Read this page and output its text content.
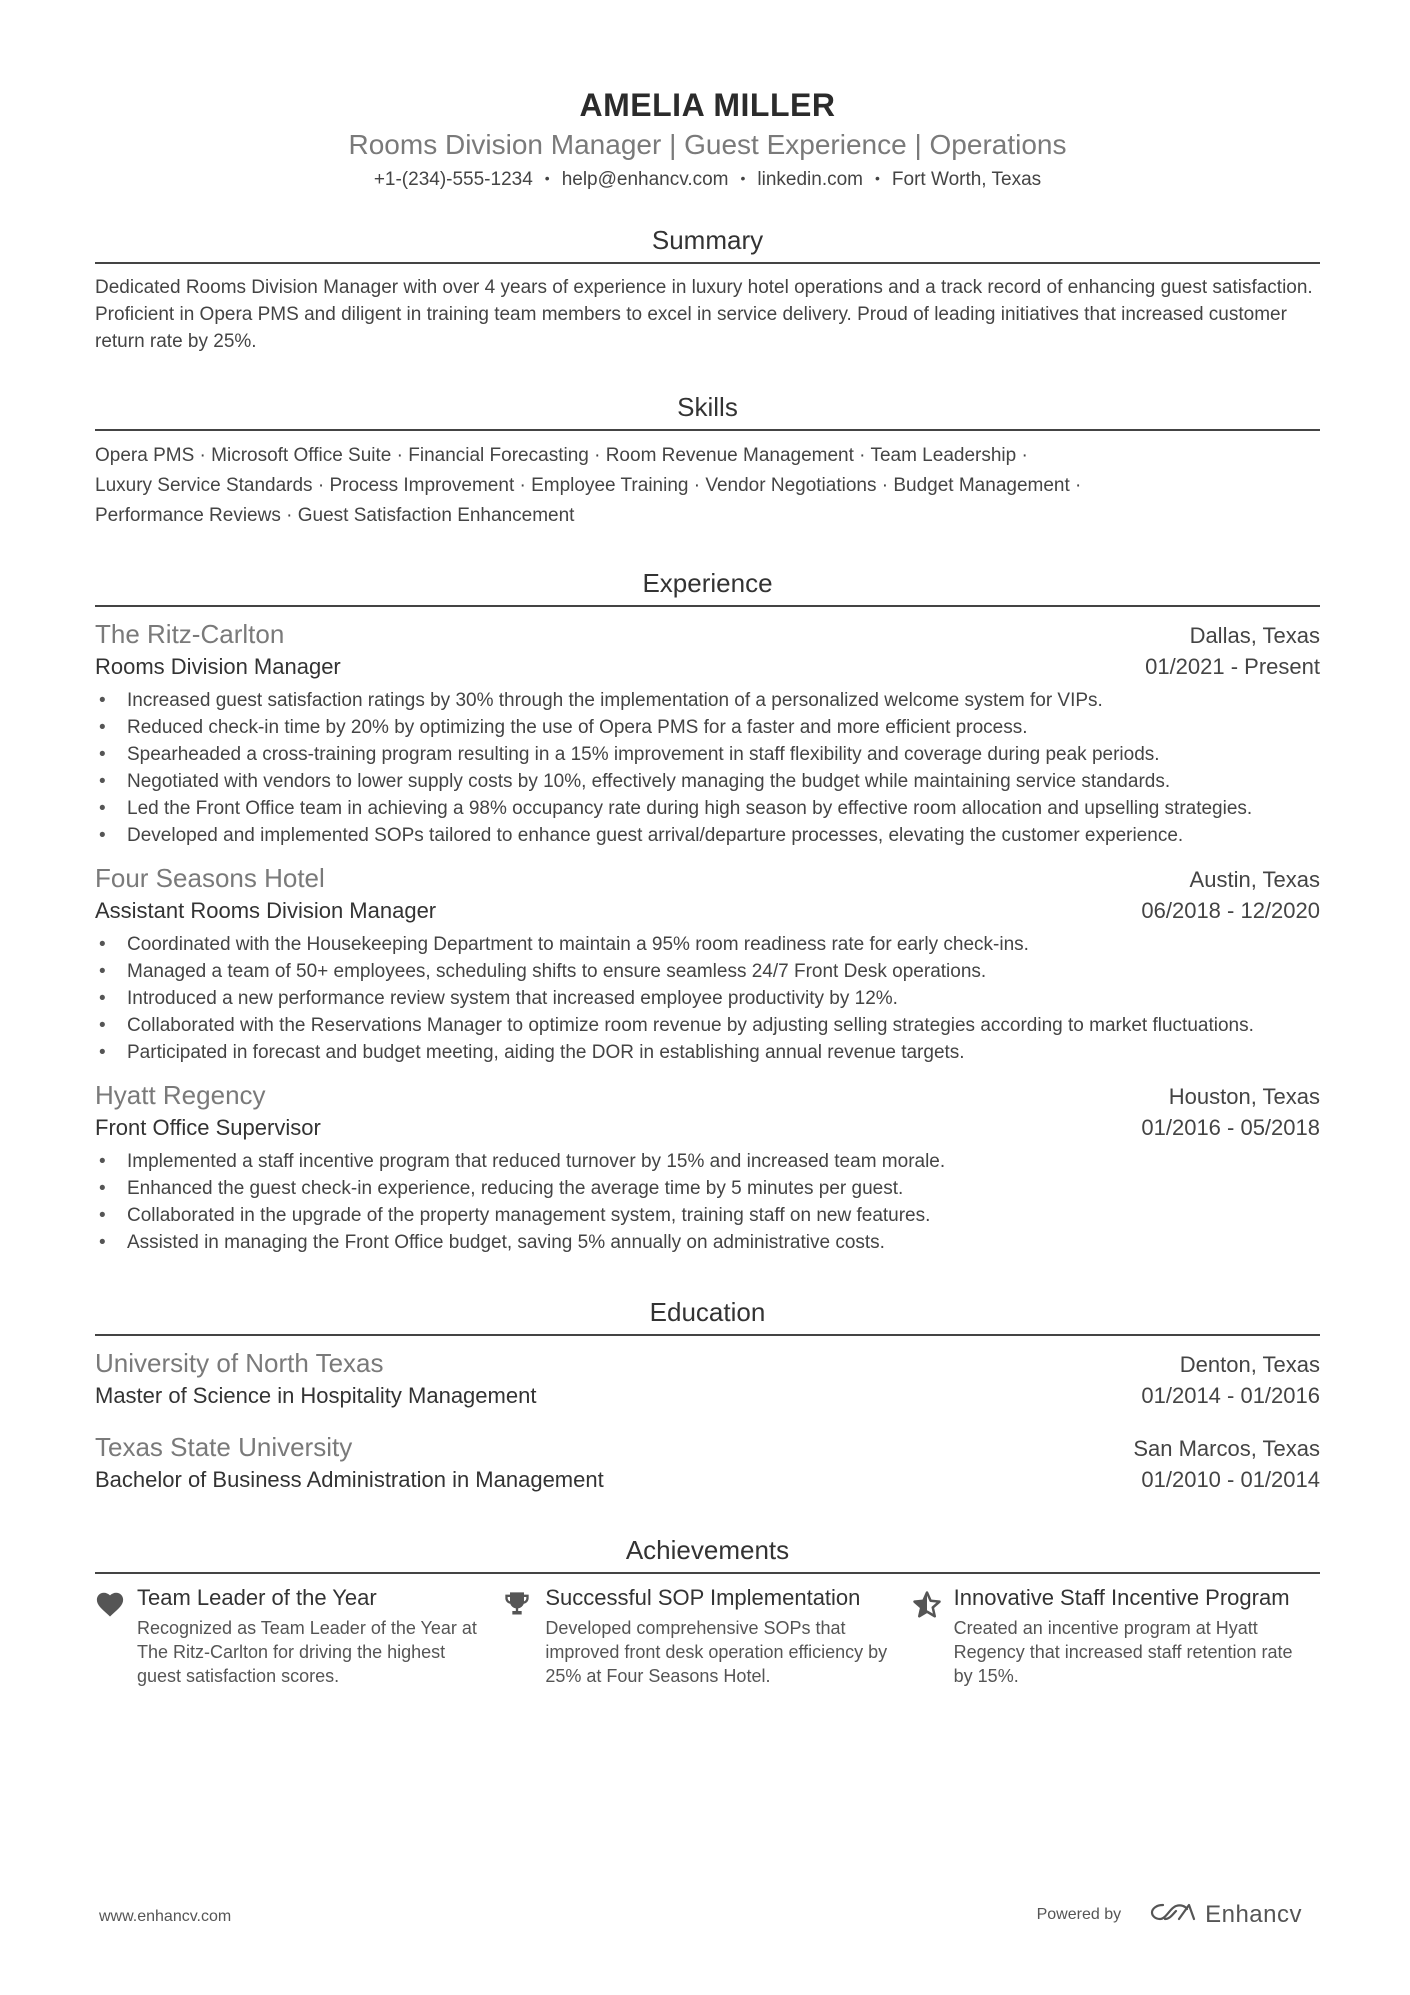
AMELIA MILLER
Rooms Division Manager | Guest Experience | Operations
+1-(234)-555-1234 • help@enhancv.com • linkedin.com • Fort Worth, Texas
Summary
Dedicated Rooms Division Manager with over 4 years of experience in luxury hotel operations and a track record of enhancing guest satisfaction. Proficient in Opera PMS and diligent in training team members to excel in service delivery. Proud of leading initiatives that increased customer return rate by 25%.
Skills
Opera PMS · Microsoft Office Suite · Financial Forecasting · Room Revenue Management · Team Leadership ·
Luxury Service Standards · Process Improvement · Employee Training · Vendor Negotiations · Budget Management ·
Performance Reviews · Guest Satisfaction Enhancement
Experience
The Ritz-Carlton	Dallas, Texas
Rooms Division Manager	01/2021 - Present
• Increased guest satisfaction ratings by 30% through the implementation of a personalized welcome system for VIPs.
• Reduced check-in time by 20% by optimizing the use of Opera PMS for a faster and more efficient process.
• Spearheaded a cross-training program resulting in a 15% improvement in staff flexibility and coverage during peak periods.
• Negotiated with vendors to lower supply costs by 10%, effectively managing the budget while maintaining service standards.
• Led the Front Office team in achieving a 98% occupancy rate during high season by effective room allocation and upselling strategies.
• Developed and implemented SOPs tailored to enhance guest arrival/departure processes, elevating the customer experience.
Four Seasons Hotel	Austin, Texas
Assistant Rooms Division Manager	06/2018 - 12/2020
• Coordinated with the Housekeeping Department to maintain a 95% room readiness rate for early check-ins.
• Managed a team of 50+ employees, scheduling shifts to ensure seamless 24/7 Front Desk operations.
• Introduced a new performance review system that increased employee productivity by 12%.
• Collaborated with the Reservations Manager to optimize room revenue by adjusting selling strategies according to market fluctuations.
• Participated in forecast and budget meeting, aiding the DOR in establishing annual revenue targets.
Hyatt Regency	Houston, Texas
Front Office Supervisor	01/2016 - 05/2018
• Implemented a staff incentive program that reduced turnover by 15% and increased team morale.
• Enhanced the guest check-in experience, reducing the average time by 5 minutes per guest.
• Collaborated in the upgrade of the property management system, training staff on new features.
• Assisted in managing the Front Office budget, saving 5% annually on administrative costs.
Education
University of North Texas	Denton, Texas
Master of Science in Hospitality Management	01/2014 - 01/2016
Texas State University	San Marcos, Texas
Bachelor of Business Administration in Management	01/2010 - 01/2014
Achievements
Team Leader of the Year
Recognized as Team Leader of the Year at The Ritz-Carlton for driving the highest guest satisfaction scores.
Successful SOP Implementation
Developed comprehensive SOPs that improved front desk operation efficiency by 25% at Four Seasons Hotel.
Innovative Staff Incentive Program
Created an incentive program at Hyatt Regency that increased staff retention rate by 15%.
www.enhancv.com	Powered by	Enhancv
